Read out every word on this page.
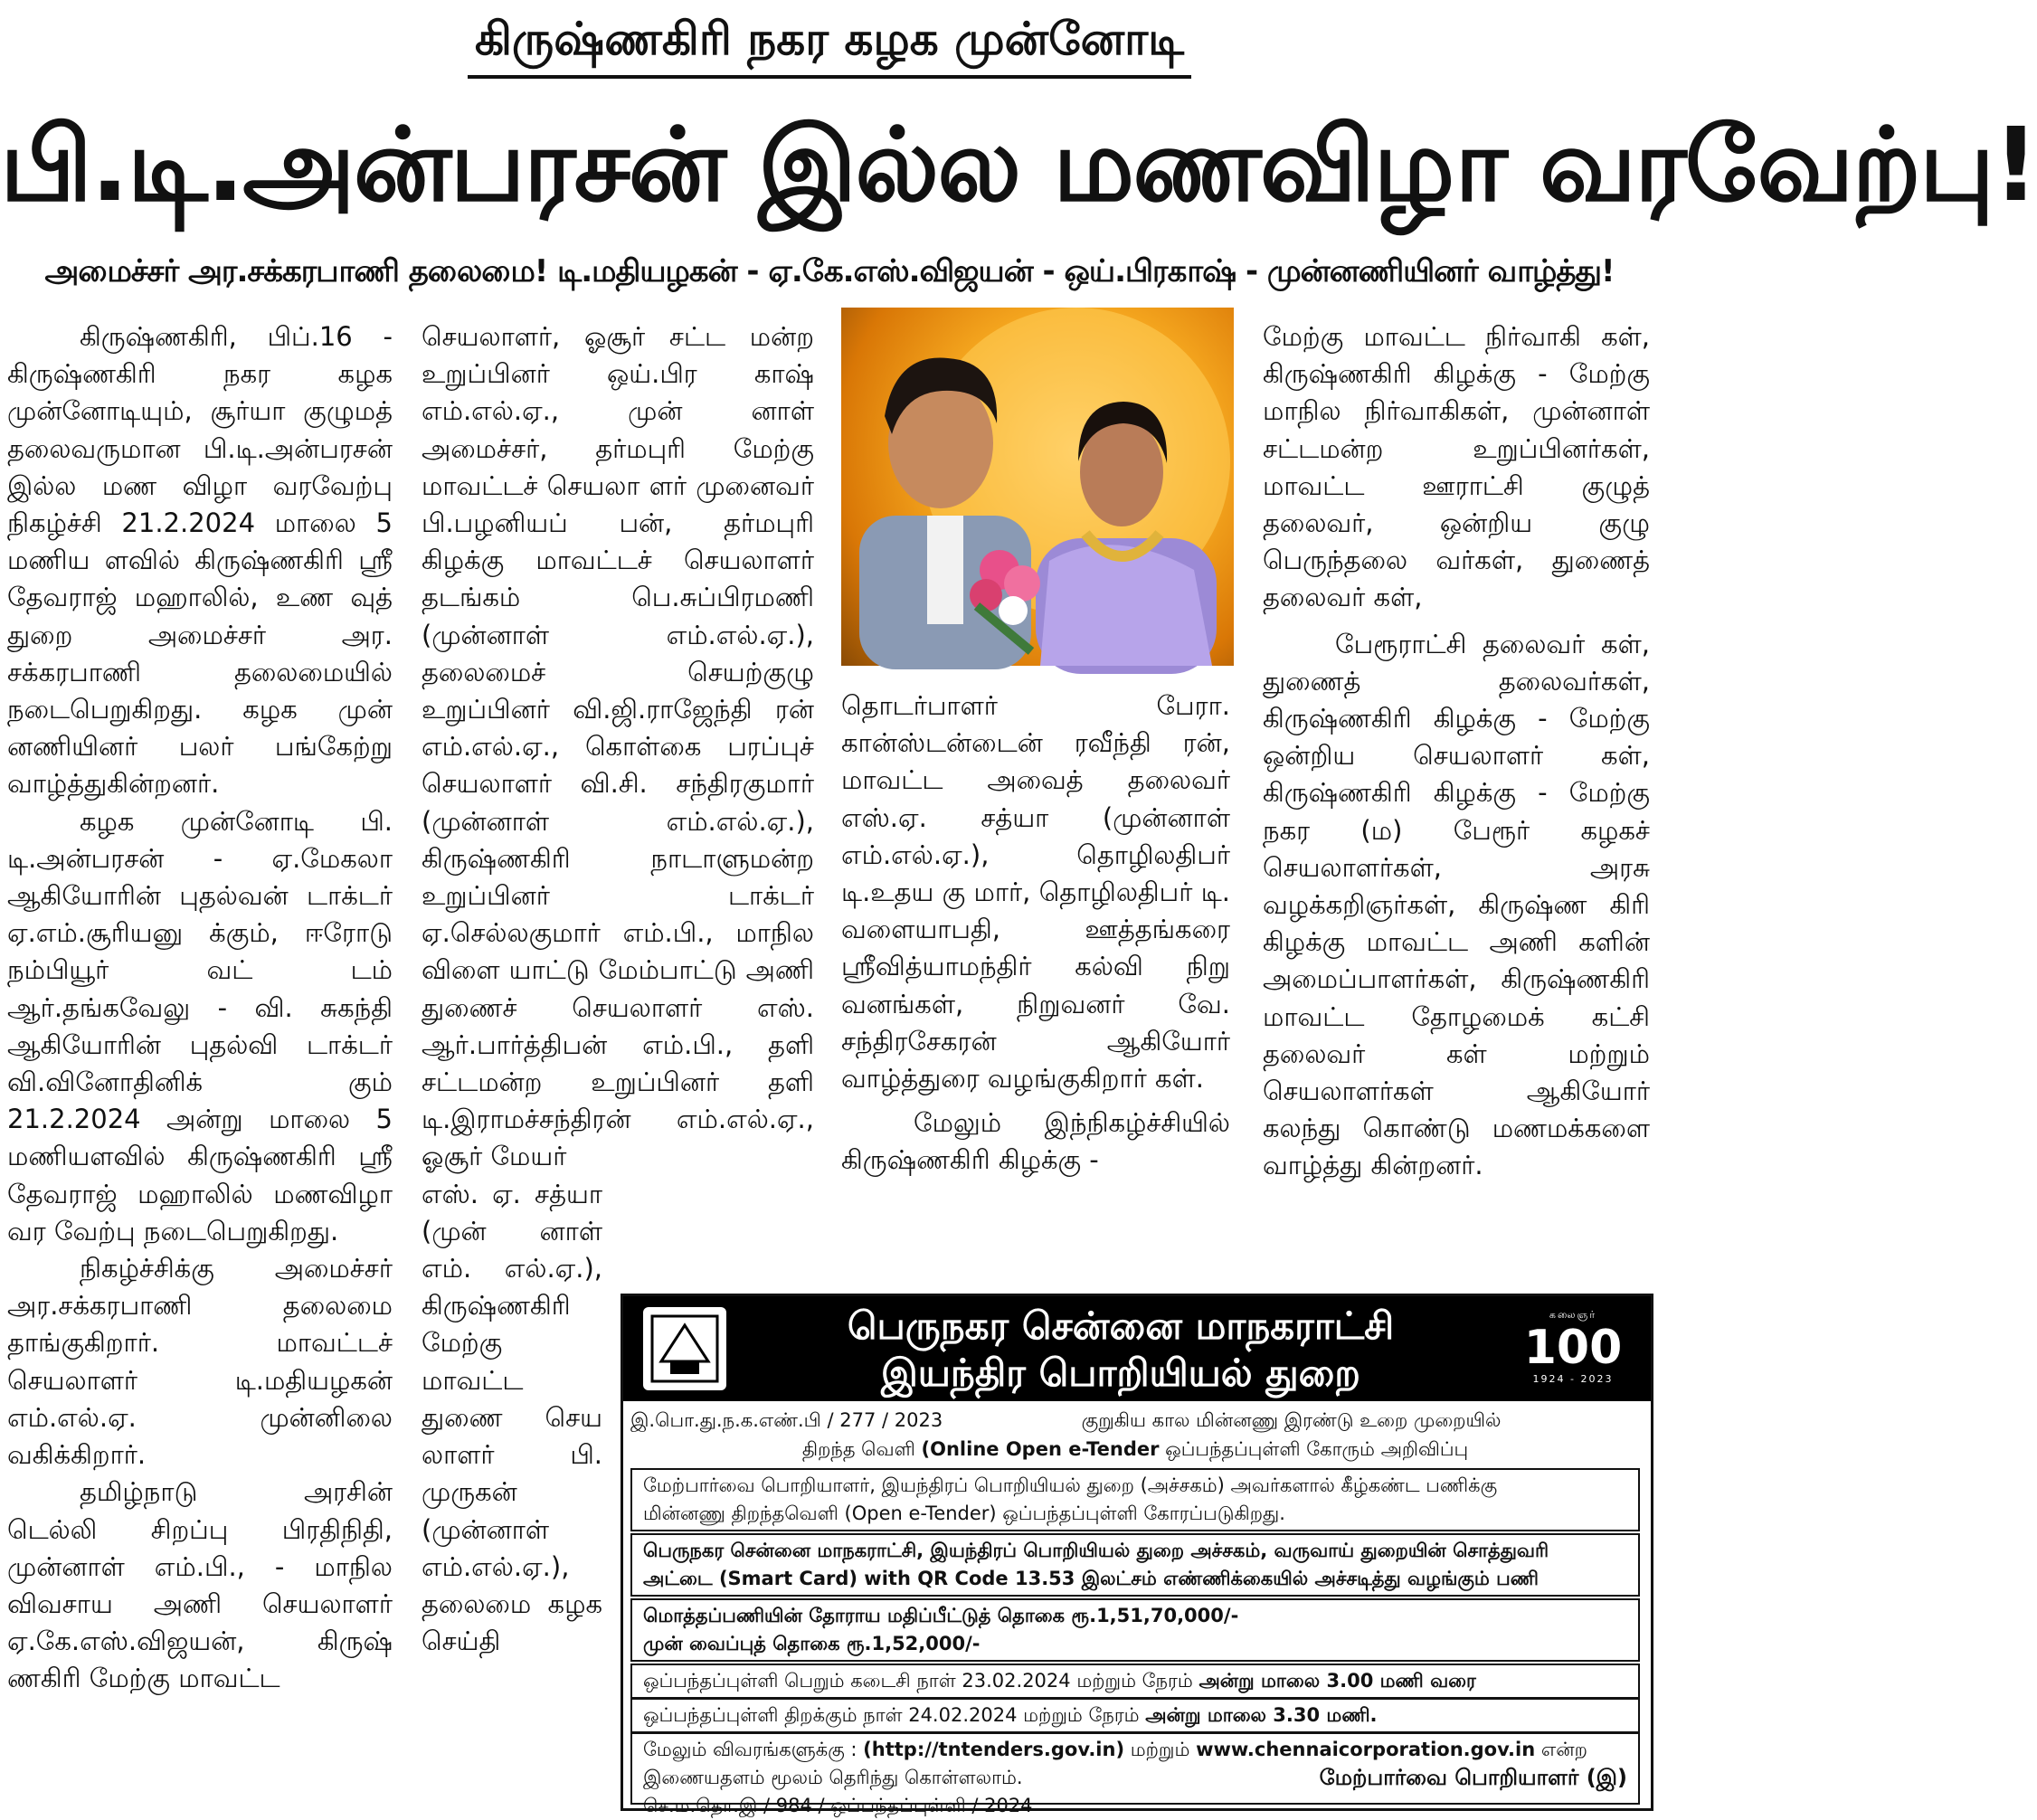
கிருஷ்ணகிரி நகர கழக முன்னோடி
பி.டி.அன்பரசன் இல்ல மணவிழா வரவேற்பு!
அமைச்சர் அர.சக்கரபாணி தலைமை! டி.மதியழகன் - ஏ.கே.எஸ்.விஜயன் - ஒய்.பிரகாஷ் - முன்னணியினர் வாழ்த்து!

கிருஷ்ணகிரி, பிப்.16 - கிருஷ்ணகிரி நகர கழக முன்னோடியும், சூர்யா குழுமத் தலைவருமான பி.டி.அன்பரசன் இல்ல மண விழா வரவேற்பு நிகழ்ச்சி 21.2.2024 மாலை 5 மணிய ளவில் கிருஷ்ணகிரி ஸ்ரீ தேவராஜ் மஹாலில், உண வுத் துறை அமைச்சர் அர. சக்கரபாணி தலைமையில் நடைபெறுகிறது. கழக முன் னணியினர் பலர் பங்கேற்று வாழ்த்துகின்றனர்.

கழக முன்னோடி பி. டி.அன்பரசன் - ஏ.மேகலா ஆகியோரின் புதல்வன் டாக்டர் ஏ.எம்.சூரியனு க்கும், ஈரோடு நம்பியூர் வட் டம் ஆர்.தங்கவேலு - வி. சுகந்தி ஆகியோரின் புதல்வி டாக்டர் வி.வினோதினிக் கும் 21.2.2024 அன்று மாலை 5 மணியளவில் கிருஷ்ணகிரி ஸ்ரீ தேவராஜ் மஹாலில் மணவிழா வர வேற்பு நடைபெறுகிறது.

நிகழ்ச்சிக்கு அமைச்சர் அர.சக்கரபாணி தலைமை தாங்குகிறார். மாவட்டச் செயலாளர் டி.மதியழகன் எம்.எல்.ஏ. முன்னிலை வகிக்கிறார்.

தமிழ்நாடு அரசின் டெல்லி சிறப்பு பிரதிநிதி, முன்னாள் எம்.பி., - மாநில விவசாய அணி செயலாளர் ஏ.கே.எஸ்.விஜயன், கிருஷ் ணகிரி மேற்கு மாவட்ட

செயலாளர், ஓசூர் சட்ட மன்ற உறுப்பினர் ஒய்.பிர காஷ் எம்.எல்.ஏ., முன் னாள் அமைச்சர், தர்மபுரி மேற்கு மாவட்டச் செயலா ளர் முனைவர் பி.பழனியப் பன், தர்மபுரி கிழக்கு மாவட்டச் செயலாளர் தடங்கம் பெ.சுப்பிரமணி (முன்னாள் எம்.எல்.ஏ.), தலைமைச் செயற்குழு உறுப்பினர் வி.ஜி.ராஜேந்தி ரன் எம்.எல்.ஏ., கொள்கை பரப்புச் செயலாளர் வி.சி. சந்திரகுமார் (முன்னாள் எம்.எல்.ஏ.), கிருஷ்ணகிரி நாடாளுமன்ற உறுப்பினர் டாக்டர் ஏ.செல்லகுமார் எம்.பி., மாநில விளை யாட்டு மேம்பாட்டு அணி துணைச் செயலாளர் எஸ். ஆர்.பார்த்திபன் எம்.பி., தளி சட்டமன்ற உறுப்பினர் தளி டி.இராமச்சந்திரன் எம்.எல்.ஏ., ஓசூர் மேயர்

எஸ். ஏ. சத்யா (முன் னாள் எம். எல்.ஏ.), கிருஷ்ணகிரி மேற்கு மாவட்ட துணை செய லாளர் பி. முருகன் (முன்னாள் எம்.எல்.ஏ.), தலைமை கழக செய்தி

தொடர்பாளர் பேரா. கான்ஸ்டன்டைன் ரவீந்தி ரன், மாவட்ட அவைத் தலைவர் எஸ்.ஏ. சத்யா (முன்னாள் எம்.எல்.ஏ.), தொழிலதிபர் டி.உதய கு மார், தொழிலதிபர் டி. வளையாபதி, ஊத்தங்கரை ஸ்ரீவித்யாமந்திர் கல்வி நிறு வனங்கள், நிறுவனர் வே. சந்திரசேகரன் ஆகியோர் வாழ்த்துரை வழங்குகிறார் கள்.

மேலும் இந்நிகழ்ச்சியில் கிருஷ்ணகிரி கிழக்கு -

மேற்கு மாவட்ட நிர்வாகி கள், கிருஷ்ணகிரி கிழக்கு - மேற்கு மாநில நிர்வாகிகள், முன்னாள் சட்டமன்ற உறுப்பினர்கள், மாவட்ட ஊராட்சி குழுத் தலைவர், ஒன்றிய குழு பெருந்தலை வர்கள், துணைத் தலைவர் கள்,

பேரூராட்சி தலைவர் கள், துணைத் தலைவர்கள், கிருஷ்ணகிரி கிழக்கு - மேற்கு ஒன்றிய செயலாளர் கள், கிருஷ்ணகிரி கிழக்கு - மேற்கு நகர (ம) பேரூர் கழகச் செயலாளர்கள், அரசு வழக்கறிஞர்கள், கிருஷ்ண கிரி கிழக்கு மாவட்ட அணி களின் அமைப்பாளர்கள், கிருஷ்ணகிரி மாவட்ட தோழமைக் கட்சி தலைவர் கள் மற்றும் செயலாளர்கள் ஆகியோர் கலந்து கொண்டு மணமக்களை வாழ்த்து கின்றனர்.

பெருநகர சென்னை மாநகராட்சி
இயந்திர பொறியியல் துறை
கலைஞர்
100
1924 - 2023
இ.பொ.து.ந.க.எண்.பி / 277 / 2023	குறுகிய கால மின்னணு இரண்டு உறை முறையில்
திறந்த வெளி (Online Open e-Tender ஒப்பந்தப்புள்ளி கோரும் அறிவிப்பு
மேற்பார்வை பொறியாளர், இயந்திரப் பொறியியல் துறை (அச்சகம்) அவர்களால் கீழ்கண்ட பணிக்கு
மின்னணு திறந்தவெளி (Open e-Tender) ஒப்பந்தப்புள்ளி கோரப்படுகிறது.
பெருநகர சென்னை மாநகராட்சி, இயந்திரப் பொறியியல் துறை அச்சகம், வருவாய் துறையின் சொத்துவரி
அட்டை (Smart Card) with QR Code 13.53 இலட்சம் எண்ணிக்கையில் அச்சடித்து வழங்கும் பணி
மொத்தப்பணியின் தோராய மதிப்பீட்டுத் தொகை ரூ.1,51,70,000/-
முன் வைப்புத் தொகை ரூ.1,52,000/-
ஒப்பந்தப்புள்ளி பெறும் கடைசி நாள் 23.02.2024 மற்றும் நேரம் அன்று மாலை 3.00 மணி வரை
ஒப்பந்தப்புள்ளி திறக்கும் நாள் 24.02.2024 மற்றும் நேரம் அன்று மாலை 3.30 மணி.
மேலும் விவரங்களுக்கு : (http://tntenders.gov.in) மற்றும் www.chennaicorporation.gov.in என்ற
இணையதளம் மூலம் தெரிந்து கொள்ளலாம்.	மேற்பார்வை பொறியாளர் (இ)
செ.ம.தொ.இ / 984 / ஒப்பந்தப்புள்ளி / 2024
